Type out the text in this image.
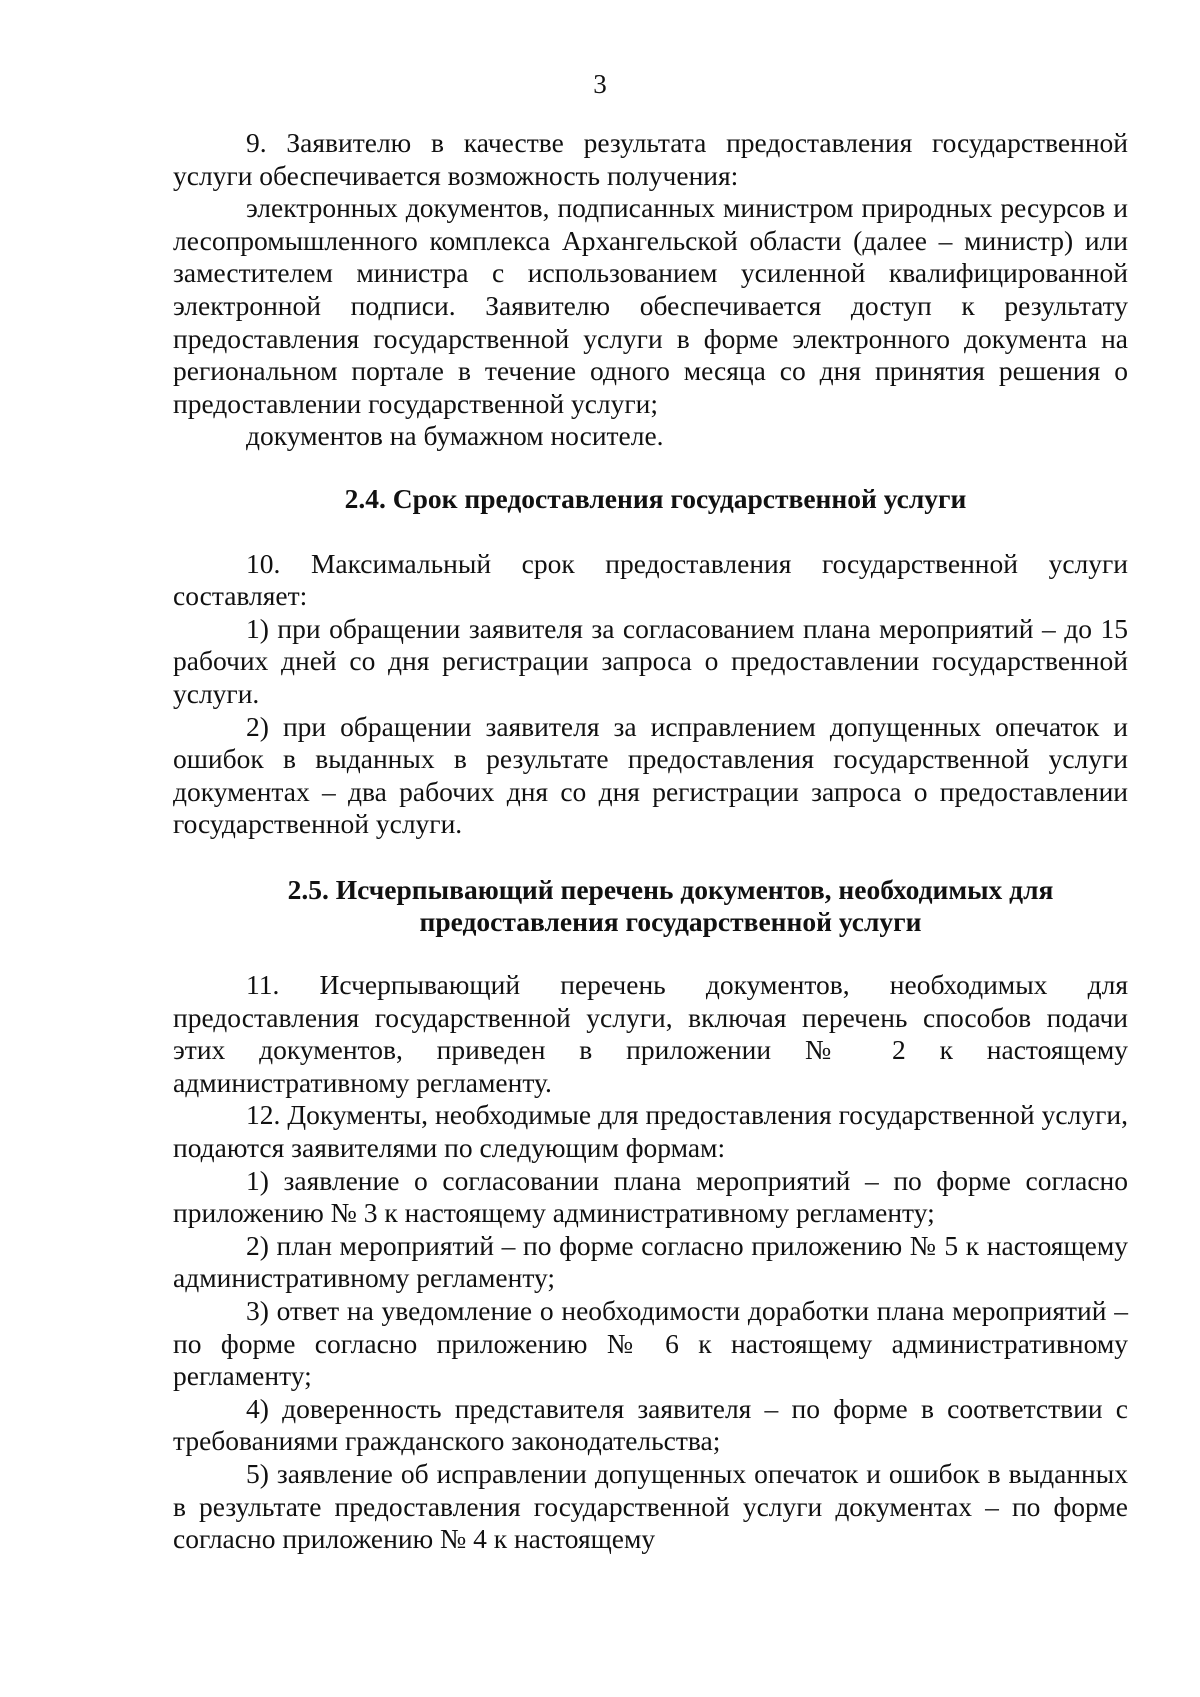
3

9. Заявителю в качестве результата предоставления государственной услуги обеспечивается возможность получения:

электронных документов, подписанных министром природных ресурсов и лесопромышленного комплекса Архангельской области (далее – министр) или заместителем министра с использованием усиленной квалифицированной электронной подписи. Заявителю обеспечивается доступ к результату предоставления государственной услуги в форме электронного документа на региональном портале в течение одного месяца со дня принятия решения о предоставлении государственной услуги;

документов на бумажном носителе.

2.4. Срок предоставления государственной услуги

10. Максимальный срок предоставления государственной услуги составляет:

1) при обращении заявителя за согласованием плана мероприятий – до 15 рабочих дней со дня регистрации запроса о предоставлении государственной услуги.

2) при обращении заявителя за исправлением допущенных опечаток и ошибок в выданных в результате предоставления государственной услуги документах – два рабочих дня со дня регистрации запроса о предоставлении государственной услуги.

2.5. Исчерпывающий перечень документов, необходимых для
предоставления государственной услуги

11. Исчерпывающий перечень документов, необходимых для предоставления государственной услуги, включая перечень способов подачи этих документов, приведен в приложении № 2 к настоящему административному регламенту.

12. Документы, необходимые для предоставления государственной услуги, подаются заявителями по следующим формам:

1) заявление о согласовании плана мероприятий – по форме согласно приложению № 3 к настоящему административному регламенту;

2) план мероприятий – по форме согласно приложению № 5 к настоящему административному регламенту;

3) ответ на уведомление о необходимости доработки плана мероприятий – по форме согласно приложению № 6 к настоящему административному регламенту;

4) доверенность представителя заявителя – по форме в соответствии с требованиями гражданского законодательства;

5) заявление об исправлении допущенных опечаток и ошибок в выданных в результате предоставления государственной услуги документах – по форме согласно приложению № 4 к настоящему
